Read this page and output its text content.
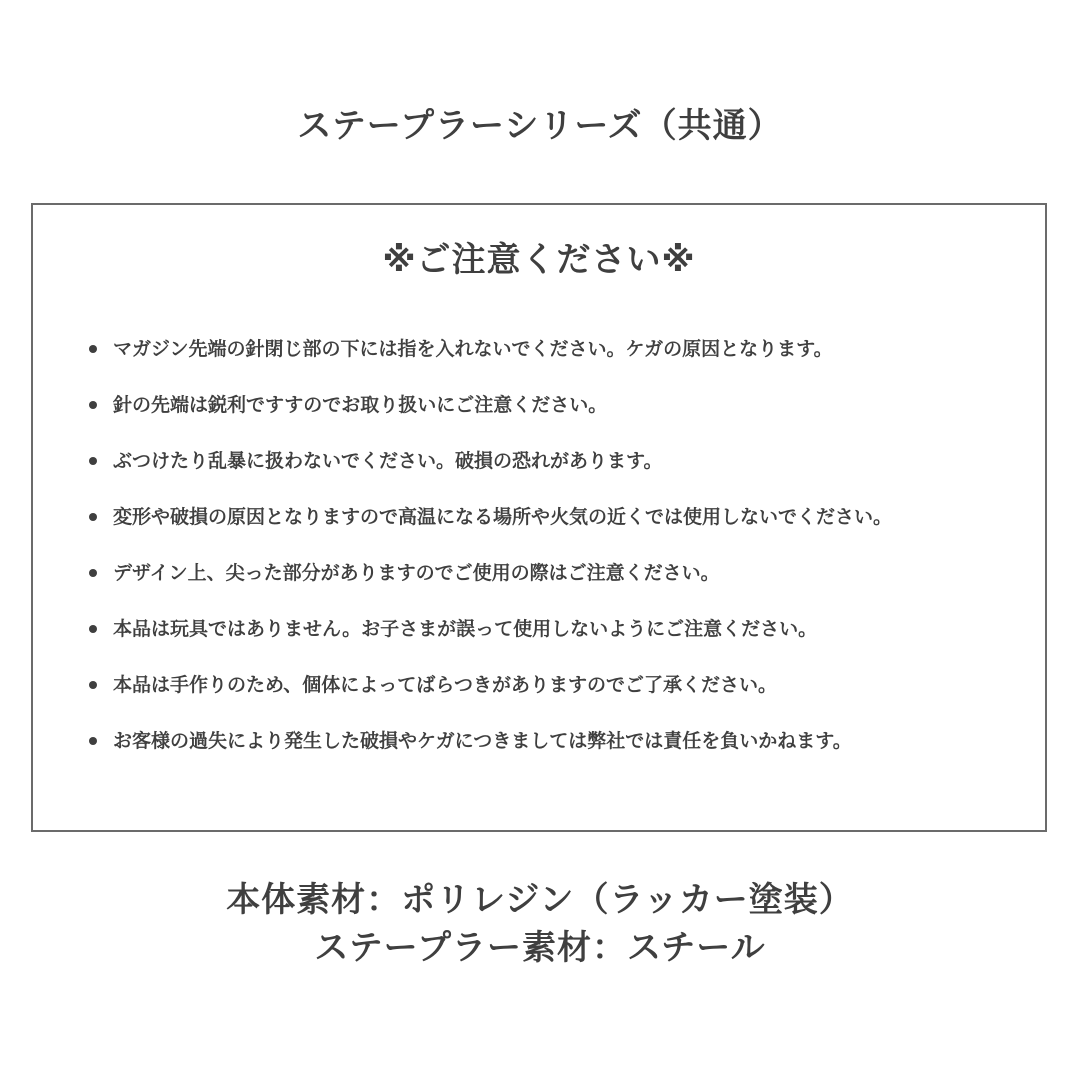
ステープラーシリーズ（共通）
※ご注意ください※
マガジン先端の針閉じ部の下には指を入れないでください。ケガの原因となります。
針の先端は鋭利ですすのでお取り扱いにご注意ください。
ぶつけたり乱暴に扱わないでください。破損の恐れがあります。
変形や破損の原因となりますので高温になる場所や火気の近くでは使用しないでください。
デザイン上、尖った部分がありますのでご使用の際はご注意ください。
本品は玩具ではありません。お子さまが誤って使用しないようにご注意ください。
本品は手作りのため、個体によってばらつきがありますのでご了承ください。
お客様の過失により発生した破損やケガにつきましては弊社では責任を負いかねます。
本体素材：ポリレジン（ラッカー塗装）
ステープラー素材：スチール
